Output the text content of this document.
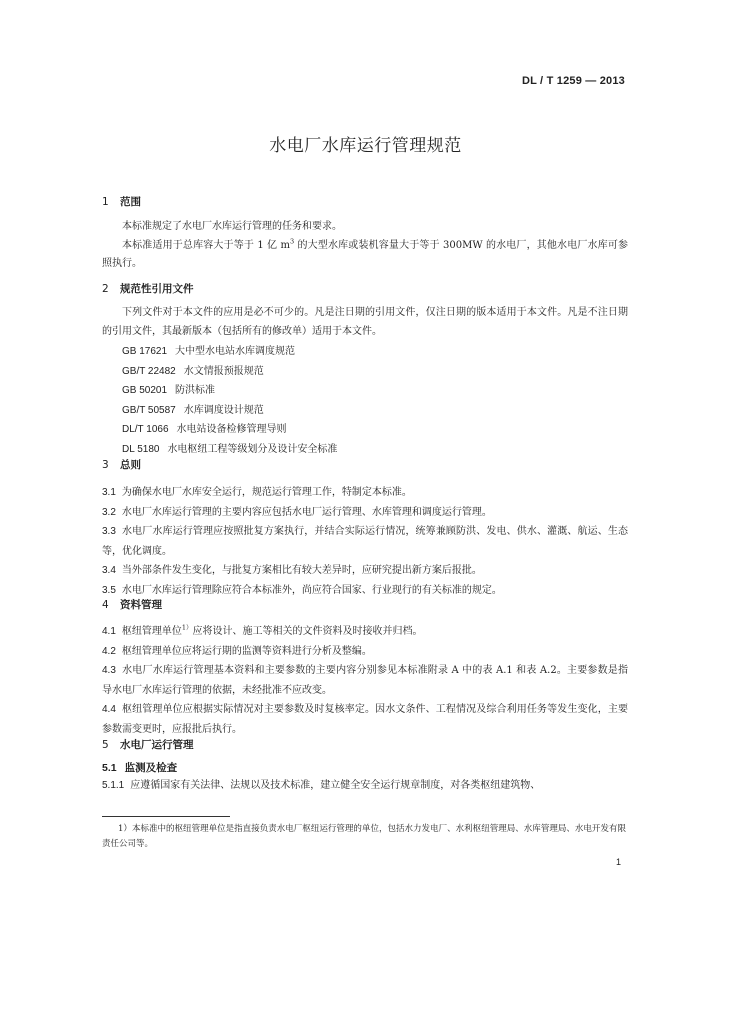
DL / T 1259 — 2013
水电厂水库运行管理规范
1 范围
本标准规定了水电厂水库运行管理的任务和要求。
本标准适用于总库容大于等于 1 亿 $m^3$ 的大型水库或装机容量大于等于 300MW 的水电厂，其他水电厂水库可参照执行。
2 规范性引用文件
下列文件对于本文件的应用是必不可少的。凡是注日期的引用文件，仅注日期的版本适用于本文件。凡是不注日期的引用文件，其最新版本（包括所有的修改单）适用于本文件。
GB 17621 大中型水电站水库调度规范
GB/T 22482 水文情报预报规范
GB 50201 防洪标准
GB/T 50587 水库调度设计规范
DL/T 1066 水电站设备检修管理导则
DL 5180 水电枢纽工程等级划分及设计安全标准
3 总则
3.1 为确保水电厂水库安全运行，规范运行管理工作，特制定本标准。
3.2 水电厂水库运行管理的主要内容应包括水电厂运行管理、水库管理和调度运行管理。
3.3 水电厂水库运行管理应按照批复方案执行，并结合实际运行情况，统筹兼顾防洪、发电、供水、灌溉、航运、生态等，优化调度。
3.4 当外部条件发生变化，与批复方案相比有较大差异时，应研究提出新方案后报批。
3.5 水电厂水库运行管理除应符合本标准外，尚应符合国家、行业现行的有关标准的规定。
4 资料管理
4.1 枢纽管理单位$^{1)}$应将设计、施工等相关的文件资料及时接收并归档。
4.2 枢纽管理单位应将运行期的监测等资料进行分析及整编。
4.3 水电厂水库运行管理基本资料和主要参数的主要内容分别参见本标准附录 A 中的表 A.1 和表 A.2。主要参数是指导水电厂水库运行管理的依据，未经批准不应改变。
4.4 枢纽管理单位应根据实际情况对主要参数及时复核率定。因水文条件、工程情况及综合利用任务等发生变化，主要参数需变更时，应报批后执行。
5 水电厂运行管理
5.1 监测及检查
5.1.1 应遵循国家有关法律、法规以及技术标准，建立健全安全运行规章制度，对各类枢纽建筑物、
1）本标准中的枢纽管理单位是指直接负责水电厂枢纽运行管理的单位，包括水力发电厂、水利枢纽管理局、水库管理局、水电开发有限责任公司等。
1
